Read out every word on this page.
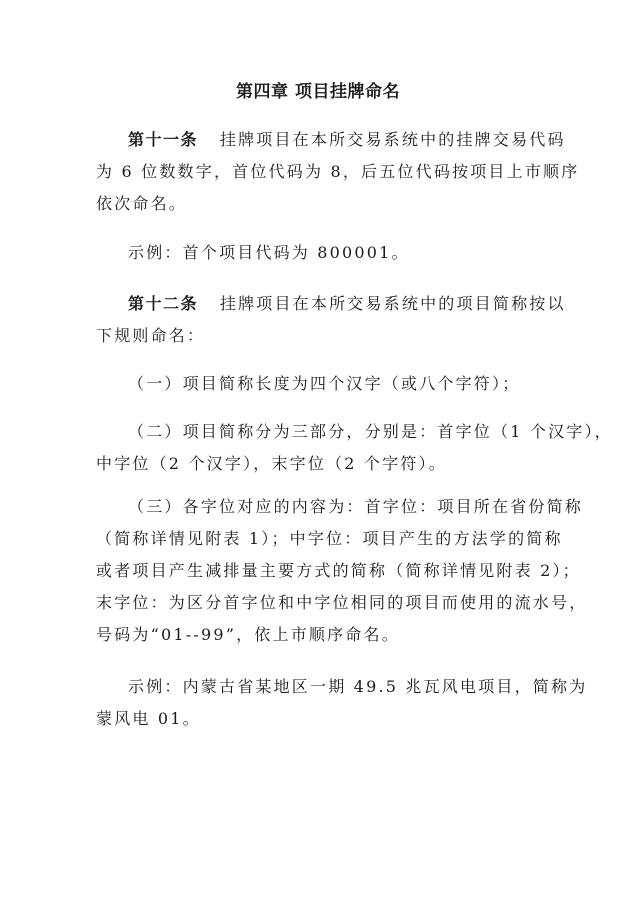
第四章 项目挂牌命名
第十一条 挂牌项目在本所交易系统中的挂牌交易代码
为 6 位数数字，首位代码为 8，后五位代码按项目上市顺序
依次命名。
示例：首个项目代码为 800001。
第十二条 挂牌项目在本所交易系统中的项目简称按以
下规则命名：
（一）项目简称长度为四个汉字（或八个字符）；
（二）项目简称分为三部分，分别是：首字位（1 个汉字），
中字位（2 个汉字），末字位（2 个字符）。
（三）各字位对应的内容为：首字位：项目所在省份简称
（简称详情见附表 1）；中字位：项目产生的方法学的简称
或者项目产生减排量主要方式的简称（简称详情见附表 2）；
末字位：为区分首字位和中字位相同的项目而使用的流水号，
号码为“01--99”，依上市顺序命名。
示例：内蒙古省某地区一期 49.5 兆瓦风电项目，简称为
蒙风电 01。
